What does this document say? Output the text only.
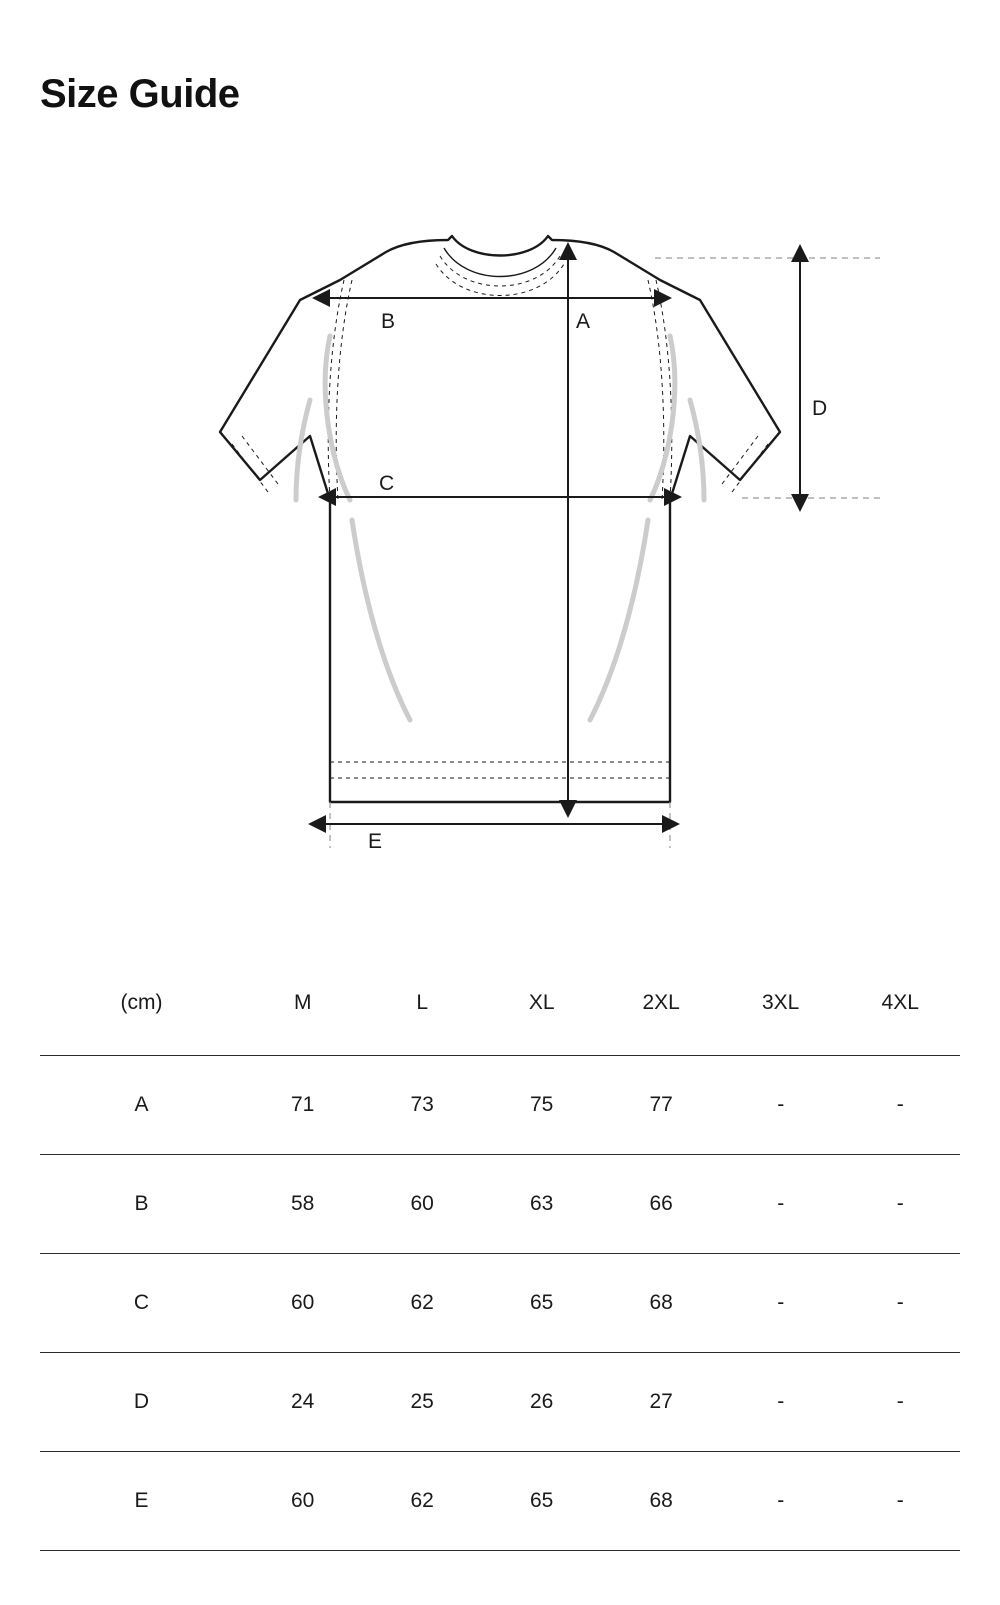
Size Guide
A
B
C
D
E
(cm)	M	L	XL	2XL	3XL	4XL
A	71	73	75	77	-	-
B	58	60	63	66	-	-
C	60	62	65	68	-	-
D	24	25	26	27	-	-
E	60	62	65	68	-	-
